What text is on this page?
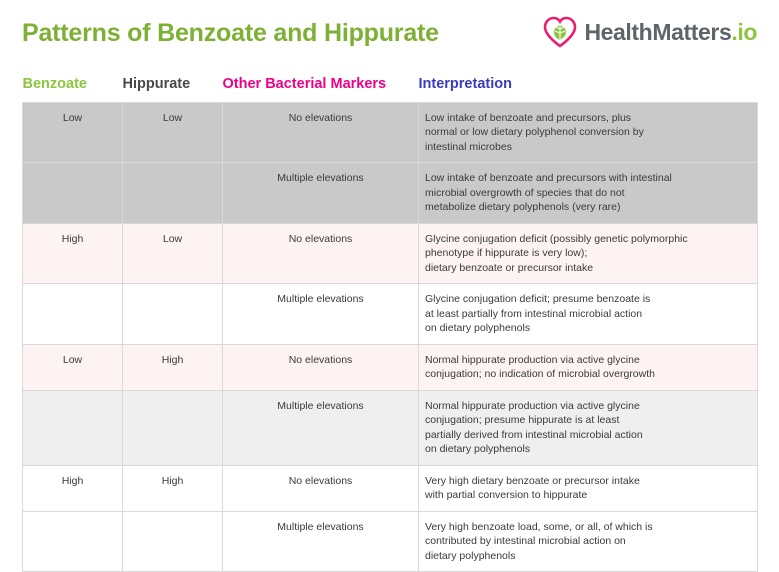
Patterns of Benzoate and Hippurate	HealthMatters.io
Benzoate	Hippurate	Other Bacterial Markers	Interpretation
Low	Low	No elevations	Low intake of benzoate and precursors, plus
normal or low dietary polyphenol conversion by
intestinal microbes

		Multiple elevations	Low intake of benzoate and precursors with intestinal
microbial overgrowth of species that do not
metabolize dietary polyphenols (very rare)

High	Low	No elevations	Glycine conjugation deficit (possibly genetic polymorphic
phenotype if hippurate is very low);
dietary benzoate or precursor intake

		Multiple elevations	Glycine conjugation deficit; presume benzoate is
at least partially from intestinal microbial action
on dietary polyphenols

Low	High	No elevations	Normal hippurate production via active glycine
conjugation; no indication of microbial overgrowth

		Multiple elevations	Normal hippurate production via active glycine
conjugation; presume hippurate is at least
partially derived from intestinal microbial action
on dietary polyphenols

High	High	No elevations	Very high dietary benzoate or precursor intake
with partial conversion to hippurate

		Multiple elevations	Very high benzoate load, some, or all, of which is
contributed by intestinal microbial action on
dietary polyphenols
